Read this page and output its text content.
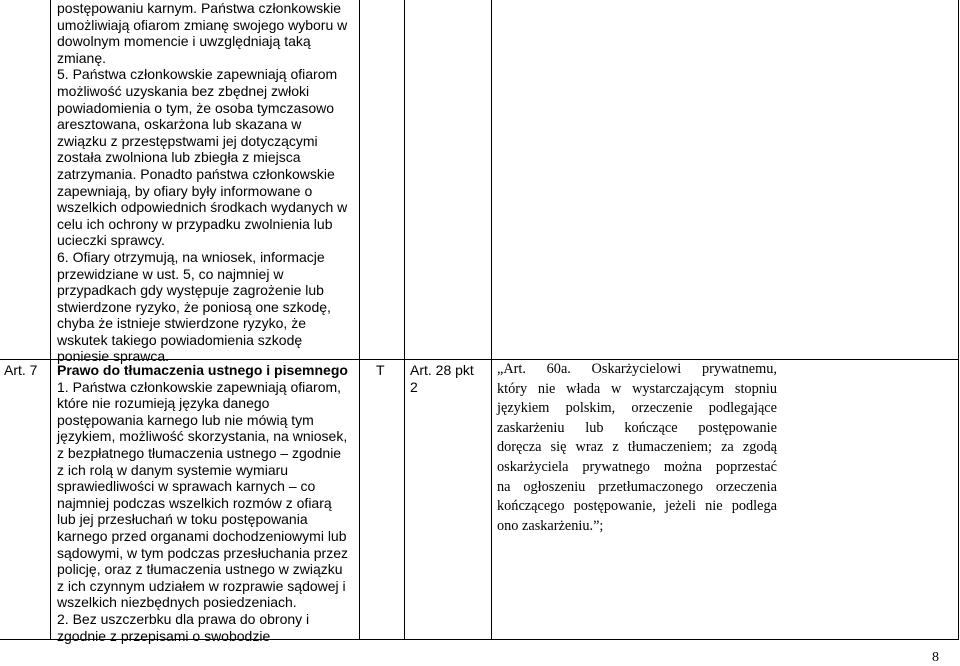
postępowaniu karnym. Państwa członkowskie
umożliwiają ofiarom zmianę swojego wyboru w
dowolnym momencie i uwzględniają taką
zmianę.
5. Państwa członkowskie zapewniają ofiarom
możliwość uzyskania bez zbędnej zwłoki
powiadomienia o tym, że osoba tymczasowo
aresztowana, oskarżona lub skazana w
związku z przestępstwami jej dotyczącymi
została zwolniona lub zbiegła z miejsca
zatrzymania. Ponadto państwa członkowskie
zapewniają, by ofiary były informowane o
wszelkich odpowiednich środkach wydanych w
celu ich ochrony w przypadku zwolnienia lub
ucieczki sprawcy.
6. Ofiary otrzymują, na wniosek, informacje
przewidziane w ust. 5, co najmniej w
przypadkach gdy występuje zagrożenie lub
stwierdzone ryzyko, że poniosą one szkodę,
chyba że istnieje stwierdzone ryzyko, że
wskutek takiego powiadomienia szkodę
poniesie sprawca.
Art. 7 Prawo do tłumaczenia ustnego i pisemnego
1. Państwa członkowskie zapewniają ofiarom,
które nie rozumieją języka danego
postępowania karnego lub nie mówią tym
językiem, możliwość skorzystania, na wniosek,
z bezpłatnego tłumaczenia ustnego – zgodnie
z ich rolą w danym systemie wymiaru
sprawiedliwości w sprawach karnych – co
najmniej podczas wszelkich rozmów z ofiarą
lub jej przesłuchań w toku postępowania
karnego przed organami dochodzeniowymi lub
sądowymi, w tym podczas przesłuchania przez
policję, oraz z tłumaczenia ustnego w związku
z ich czynnym udziałem w rozprawie sądowej i
wszelkich niezbędnych posiedzeniach.
2. Bez uszczerbku dla prawa do obrony i
zgodnie z przepisami o swobodzie
T Art. 28 pkt
2
„Art. 60a. Oskarżycielowi prywatnemu,
który nie włada w wystarczającym stopniu
językiem polskim, orzeczenie podlegające
zaskarżeniu lub kończące postępowanie
doręcza się wraz z tłumaczeniem; za zgodą
oskarżyciela prywatnego można poprzestać
na ogłoszeniu przetłumaczonego orzeczenia
kończącego postępowanie, jeżeli nie podlega
ono zaskarżeniu.”;
8
